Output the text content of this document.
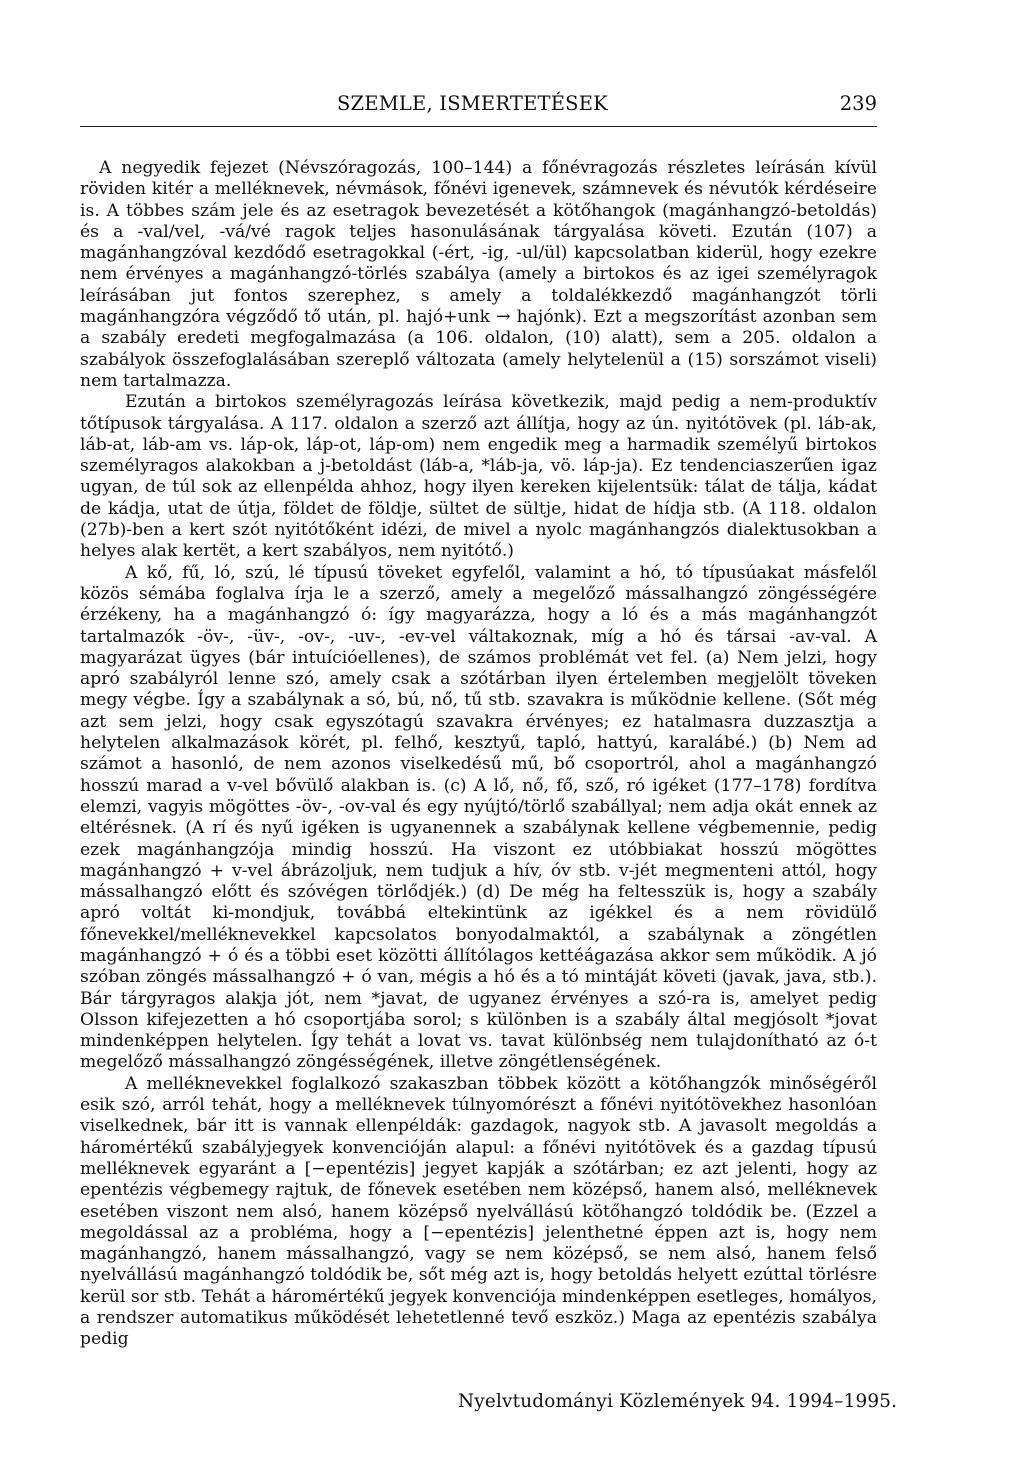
SZEMLE, ISMERTETÉSEK	239

A negyedik fejezet (Névszóragozás, 100–144) a főnévragozás részletes leírásán kívül röviden kitér a melléknevek, névmások, főnévi igenevek, számnevek és névutók kérdéseire is. A többes szám jele és az esetragok bevezetését a kötőhangok (magánhangzó-betoldás) és a -val/vel, -vá/vé ragok teljes hasonulásának tárgyalása követi. Ezután (107) a magánhangzóval kezdődő esetragokkal (-ért, -ig, -ul/ül) kapcsolatban kiderül, hogy ezekre nem érvényes a magánhangzó-törlés szabálya (amely a birtokos és az igei személyragok leírásában jut fontos szerephez, s amely a toldalékkezdő magánhangzót törli magánhangzóra végződő tő után, pl. hajó+unk → hajónk). Ezt a megszorítást azonban sem a szabály eredeti megfogalmazása (a 106. oldalon, (10) alatt), sem a 205. oldalon a szabályok összefoglalásában szereplő változata (amely helytelenül a (15) sorszámot viseli) nem tartalmazza.

Ezután a birtokos személyragozás leírása következik, majd pedig a nem-produktív tőtípusok tárgyalása. A 117. oldalon a szerző azt állítja, hogy az ún. nyitótövek (pl. láb-ak, láb-at, láb-am vs. láp-ok, láp-ot, láp-om) nem engedik meg a harmadik személyű birtokos személyragos alakokban a j-betoldást (láb-a, *láb-ja, vö. láp-ja). Ez tendenciaszerűen igaz ugyan, de túl sok az ellenpélda ahhoz, hogy ilyen kereken kijelentsük: tálat de tálja, kádat de kádja, utat de útja, földet de földje, sültet de sültje, hidat de hídja stb. (A 118. oldalon (27b)-ben a kert szót nyitótőként idézi, de mivel a nyolc magánhangzós dialektusokban a helyes alak kertët, a kert szabályos, nem nyitótő.)

A kő, fű, ló, szú, lé típusú töveket egyfelől, valamint a hó, tó típusúakat másfelől közös sémába foglalva írja le a szerző, amely a megelőző mássalhangzó zöngésségére érzékeny, ha a magánhangzó ó: így magyarázza, hogy a ló és a más magánhangzót tartalmazók -öv-, -üv-, -ov-, -uv-, -ev-vel váltakoznak, míg a hó és társai -av-val. A magyarázat ügyes (bár intuícióellenes), de számos problémát vet fel. (a) Nem jelzi, hogy apró szabályról lenne szó, amely csak a szótárban ilyen értelemben megjelölt töveken megy végbe. Így a szabálynak a só, bú, nő, tű stb. szavakra is működnie kellene. (Sőt még azt sem jelzi, hogy csak egyszótagú szavakra érvényes; ez hatalmasra duzzasztja a helytelen alkalmazások körét, pl. felhő, kesztyű, tapló, hattyú, karalábé.) (b) Nem ad számot a hasonló, de nem azonos viselkedésű mű, bő csoportról, ahol a magánhangzó hosszú marad a v-vel bővülő alakban is. (c) A lő, nő, fő, sző, ró igéket (177–178) fordítva elemzi, vagyis mögöttes -öv-, -ov-val és egy nyújtó/törlő szabállyal; nem adja okát ennek az eltérésnek. (A rí és nyű igéken is ugyanennek a szabálynak kellene végbemennie, pedig ezek magánhangzója mindig hosszú. Ha viszont ez utóbbiakat hosszú mögöttes magánhangzó + v-vel ábrázoljuk, nem tudjuk a hív, óv stb. v-jét megmenteni attól, hogy mássalhangzó előtt és szóvégen törlődjék.) (d) De még ha feltesszük is, hogy a szabály apró voltát ki-mondjuk, továbbá eltekintünk az igékkel és a nem rövidülő főnevekkel/melléknevekkel kapcsolatos bonyodalmaktól, a szabálynak a zöngétlen magánhangzó + ó és a többi eset közötti állítólagos kettéágazása akkor sem működik. A jó szóban zöngés mássalhangzó + ó van, mégis a hó és a tó mintáját követi (javak, java, stb.). Bár tárgyragos alakja jót, nem *javat, de ugyanez érvényes a szó-ra is, amelyet pedig Olsson kifejezetten a hó csoportjába sorol; s különben is a szabály által megjósolt *jovat mindenképpen helytelen. Így tehát a lovat vs. tavat különbség nem tulajdonítható az ó-t megelőző mássalhangzó zöngésségének, illetve zöngétlenségének.

A melléknevekkel foglalkozó szakaszban többek között a kötőhangzók minőségéről esik szó, arról tehát, hogy a melléknevek túlnyomórészt a főnévi nyitótövekhez hasonlóan viselkednek, bár itt is vannak ellenpéldák: gazdagok, nagyok stb. A javasolt megoldás a háromértékű szabályjegyek konvencióján alapul: a főnévi nyitótövek és a gazdag típusú melléknevek egyaránt a [−epentézis] jegyet kapják a szótárban; ez azt jelenti, hogy az epentézis végbemegy rajtuk, de főnevek esetében nem középső, hanem alsó, melléknevek esetében viszont nem alsó, hanem középső nyelvállású kötőhangzó toldódik be. (Ezzel a megoldással az a probléma, hogy a [−epentézis] jelenthetné éppen azt is, hogy nem magánhangzó, hanem mássalhangzó, vagy se nem középső, se nem alsó, hanem felső nyelvállású magánhangzó toldódik be, sőt még azt is, hogy betoldás helyett ezúttal törlésre kerül sor stb. Tehát a háromértékű jegyek konvenciója mindenképpen esetleges, homályos, a rendszer automatikus működését lehetetlenné tevő eszköz.) Maga az epentézis szabálya pedig

Nyelvtudományi Közlemények 94. 1994–1995.
